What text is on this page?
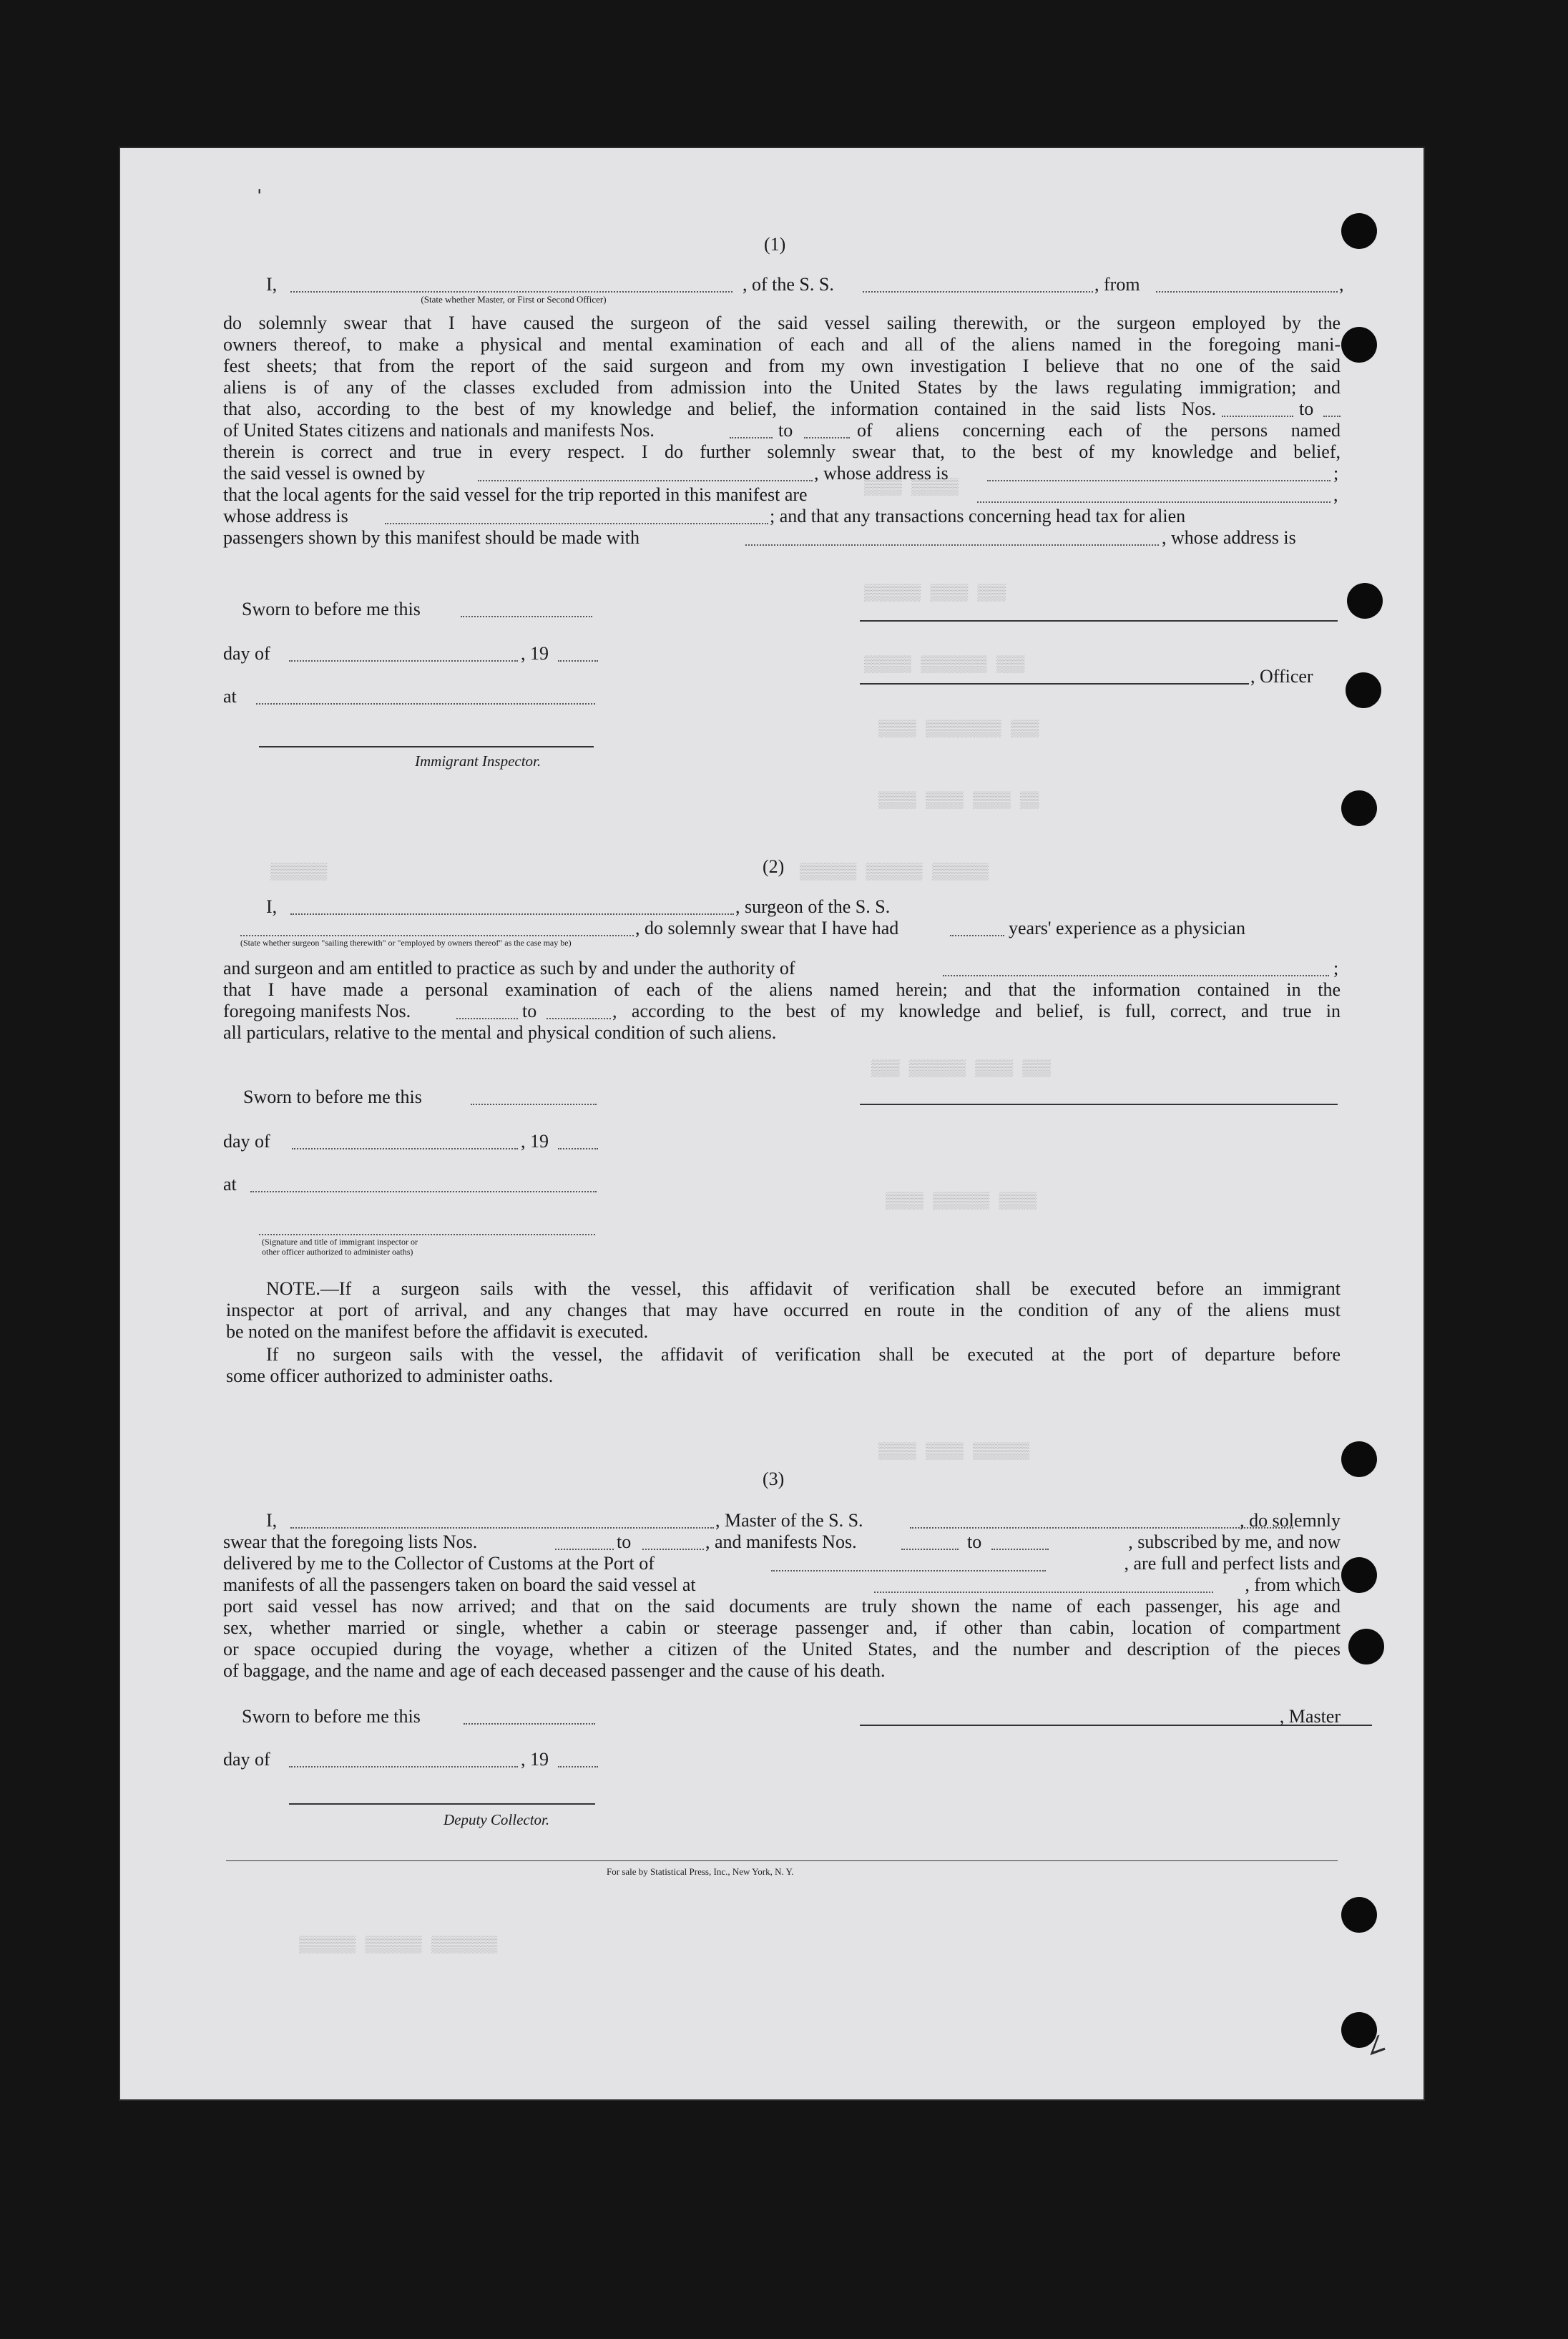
ˌ
∠
▒▒▒▒ ▒▒▒▒▒
▒▒▒▒▒▒ ▒▒▒▒ ▒▒▒
▒▒▒▒▒ ▒▒▒▒▒▒▒ ▒▒▒
▒▒▒▒ ▒▒▒▒▒▒▒▒ ▒▒▒
▒▒▒▒ ▒▒▒▒ ▒▒▒▒ ▒▒
▒▒▒▒▒▒	▒▒▒▒▒▒ ▒▒▒▒▒▒ ▒▒▒▒▒▒
▒▒▒ ▒▒▒▒▒▒ ▒▒▒▒ ▒▒▒
▒▒▒▒ ▒▒▒▒▒▒ ▒▒▒▒
▒▒▒▒ ▒▒▒▒ ▒▒▒▒▒▒
▒▒▒▒▒▒ ▒▒▒▒▒▒ ▒▒▒▒▒▒▒
(1)
I,	, of the S. S.	, from	,
(State whether Master, or First or Second Officer)
do solemnly swear that I have caused the surgeon of the said vessel sailing therewith, or the surgeon employed by the
owners thereof, to make a physical and mental examination of each and all of the aliens named in the foregoing mani-
fest sheets; that from the report of the said surgeon and from my own investigation I believe that no one of the said
aliens is of any of the classes excluded from admission into the United States by the laws regulating immigration; and
that also, according to the best of my knowledge and belief, the information contained in the said lists Nos.	to
of United States citizens and nationals and manifests Nos.	to	of aliens concerning each of the persons named
therein is correct and true in every respect. I do further solemnly swear that, to the best of my knowledge and belief,
the said vessel is owned by	, whose address is	;
that the local agents for the said vessel for the trip reported in this manifest are	,
whose address is	; and that any transactions concerning head tax for alien
passengers shown by this manifest should be made with	, whose address is
Sworn to before me this
day of	, 19
, Officer
at
Immigrant Inspector.
(2)
I,	, surgeon of the S. S.
, do solemnly swear that I have had	years' experience as a physician
(State whether surgeon "sailing therewith" or "employed by owners thereof" as the case may be)
and surgeon and am entitled to practice as such by and under the authority of	;
that I have made a personal examination of each of the aliens named herein; and that the information contained in the
foregoing manifests Nos.	to	, according to the best of my knowledge and belief, is full, correct, and true in
all particulars, relative to the mental and physical condition of such aliens.
Sworn to before me this
day of	, 19
at
(Signature and title of immigrant inspector or
other officer authorized to administer oaths)
NOTE.—If a surgeon sails with the vessel, this affidavit of verification shall be executed before an immigrant
inspector at port of arrival, and any changes that may have occurred en route in the condition of any of the aliens must
be noted on the manifest before the affidavit is executed.
If no surgeon sails with the vessel, the affidavit of verification shall be executed at the port of departure before
some officer authorized to administer oaths.
(3)
I,	, Master of the S. S.	, do solemnly
swear that the foregoing lists Nos.	to	, and manifests Nos.	to	, subscribed by me, and now
delivered by me to the Collector of Customs at the Port of	, are full and perfect lists and
manifests of all the passengers taken on board the said vessel at	, from which
port said vessel has now arrived; and that on the said documents are truly shown the name of each passenger, his age and
sex, whether married or single, whether a cabin or steerage passenger and, if other than cabin, location of compartment
or space occupied during the voyage, whether a citizen of the United States, and the number and description of the pieces
of baggage, and the name and age of each deceased passenger and the cause of his death.
Sworn to before me this	, Master
day of	, 19
Deputy Collector.
For sale by Statistical Press, Inc., New York, N. Y.
